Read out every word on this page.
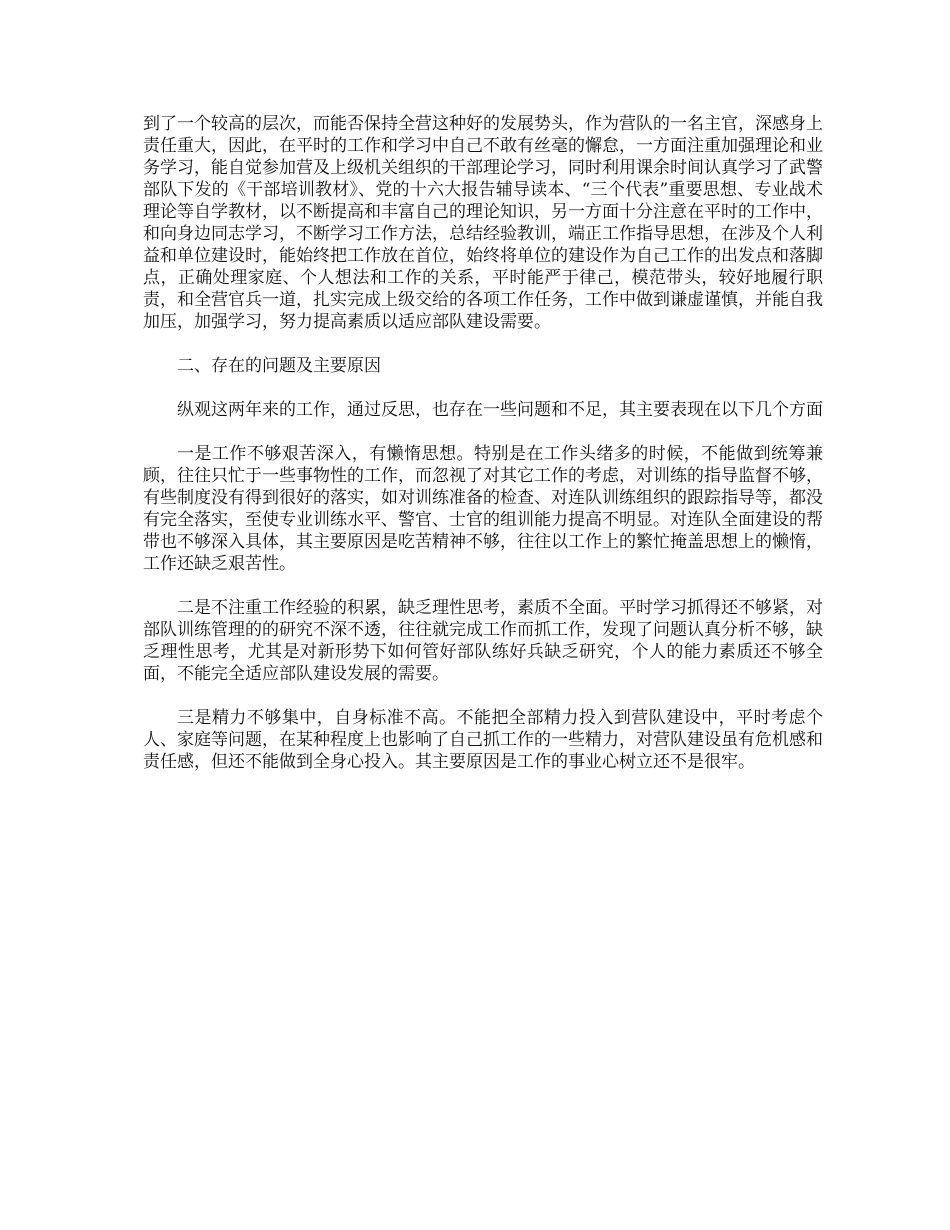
到了一个较高的层次，而能否保持全营这种好的发展势头，作为营队的一名主官，深感身上责任重大，因此，在平时的工作和学习中自己不敢有丝毫的懈怠，一方面注重加强理论和业务学习，能自觉参加营及上级机关组织的干部理论学习，同时利用课余时间认真学习了武警部队下发的《干部培训教材》、党的十六大报告辅导读本、“三个代表”重要思想、专业战术理论等自学教材，以不断提高和丰富自己的理论知识，另一方面十分注意在平时的工作中，和向身边同志学习，不断学习工作方法，总结经验教训，端正工作指导思想，在涉及个人利益和单位建设时，能始终把工作放在首位，始终将单位的建设作为自己工作的出发点和落脚点，正确处理家庭、个人想法和工作的关系，平时能严于律己，模范带头，较好地履行职责，和全营官兵一道，扎实完成上级交给的各项工作任务，工作中做到谦虚谨慎，并能自我加压，加强学习，努力提高素质以适应部队建设需要。

二、存在的问题及主要原因

纵观这两年来的工作，通过反思，也存在一些问题和不足，其主要表现在以下几个方面

一是工作不够艰苦深入，有懒惰思想。特别是在工作头绪多的时候，不能做到统筹兼顾，往往只忙于一些事物性的工作，而忽视了对其它工作的考虑，对训练的指导监督不够，有些制度没有得到很好的落实，如对训练准备的检查、对连队训练组织的跟踪指导等，都没有完全落实，至使专业训练水平、警官、士官的组训能力提高不明显。对连队全面建设的帮带也不够深入具体，其主要原因是吃苦精神不够，往往以工作上的繁忙掩盖思想上的懒惰，工作还缺乏艰苦性。

二是不注重工作经验的积累，缺乏理性思考，素质不全面。平时学习抓得还不够紧，对部队训练管理的的研究不深不透，往往就完成工作而抓工作，发现了问题认真分析不够，缺乏理性思考，尤其是对新形势下如何管好部队练好兵缺乏研究，个人的能力素质还不够全面，不能完全适应部队建设发展的需要。

三是精力不够集中，自身标准不高。不能把全部精力投入到营队建设中，平时考虑个人、家庭等问题，在某种程度上也影响了自己抓工作的一些精力，对营队建设虽有危机感和责任感，但还不能做到全身心投入。其主要原因是工作的事业心树立还不是很牢。
